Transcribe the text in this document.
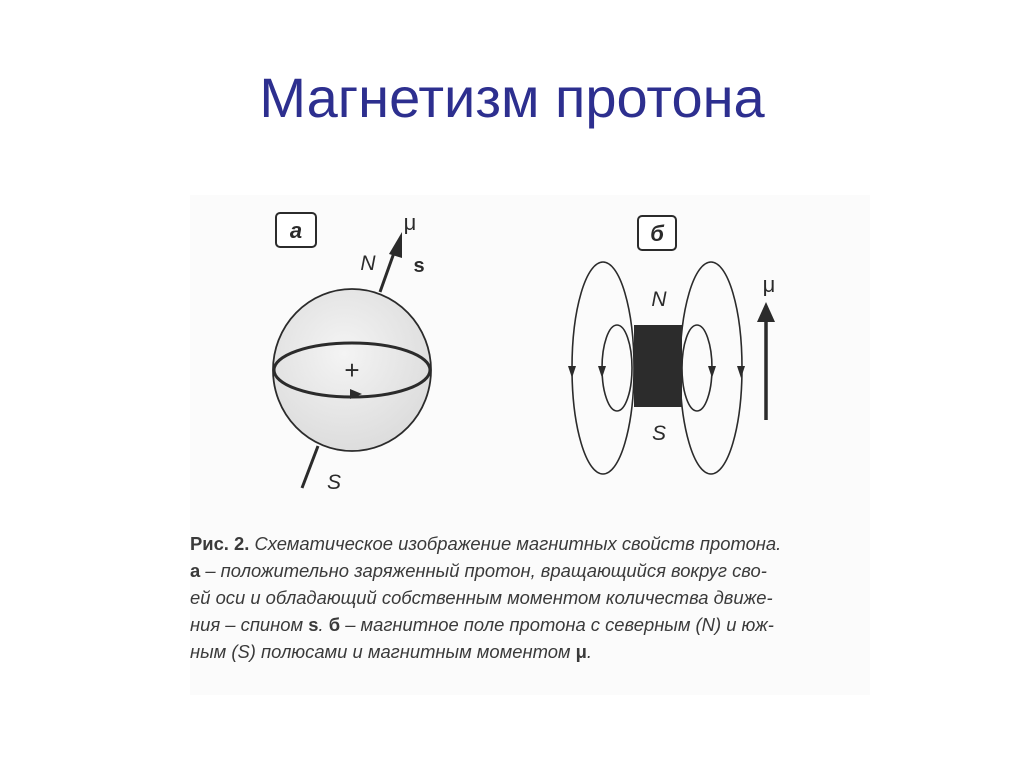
Магнетизм протона
а
+
N
S
μ
s
б
N
S
μ
Рис. 2. Схематическое изображение магнитных свойств протона.
а – положительно заряженный протон, вращающийся вокруг сво-
ей оси и обладающий собственным моментом количества движе-
ния – спином s. б – магнитное поле протона с северным (N) и юж-
ным (S) полюсами и магнитным моментом μ.
